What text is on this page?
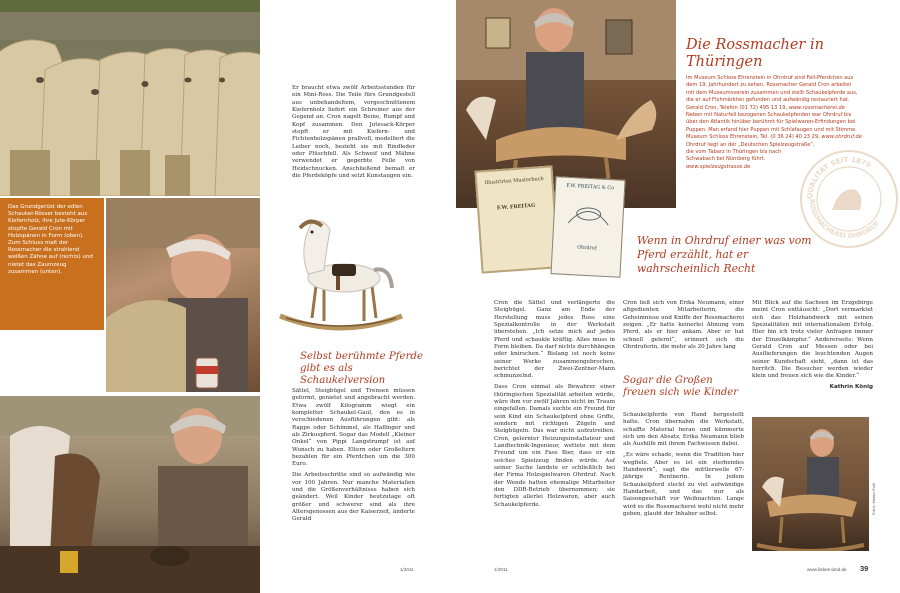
Das Grundgerüst der edlen Schaukel-Rösser besteht aus Kiefernholz, ihre Jute-Körper stopfte Gerald Cron mit Holzspänen in Form (oben). Zum Schluss malt der Rossmacher die strahlend weißen Zähne auf (rechts) und nietet das Zaumzeug zusammen (unten).

Er braucht etwa zwölf Arbeitsstunden für ein Mini-Ross. Die Teile fürs Grundgestell aus unbehandeltem, vorgeschnittenem Kiefernholz liefert ein Schreiner aus der Gegend an. Cron nagelt Beine, Rumpf und Kopf zusammen. Den Jutesack-Körper stopft er mit Kiefern- und Fichtenholzspänen prallvoll, modelliert die Leiber noch, bezieht sie mit Rindleder oder Plüschfell. Als Schweif und Mähne verwendet er gegerbte Felle von Heidschnucken. Anschließend bemalt er die Pferdeköpfe und setzt Kunstaugen ein.

Selbst berühmte Pferde gibt es als Schaukelversion

Sättel, Steigbügel und Trensen müssen geformt, genietet und angebracht werden. Etwa zwölf Kilogramm wiegt ein kompletter Schaukel-Gaul, den es in verschiedenen Ausführungen gibt: als Rappe oder Schimmel, als Haflinger und als Zirkuspferd. Sogar das Modell „Kleiner Onkel“ von Pippi Langstrumpf ist auf Wunsch zu haben. Eltern oder Großeltern bezahlen für ein Pferdchen um die 300 Euro.

Die Arbeitsschritte sind so aufwändig wie vor 100 Jahren. Nur manche Materialien und die Größenverhältnisse haben sich geändert. Weil Kinder heutzutage oft größer und schwerer sind als ihre Altersgenossen aus der Kaiserzeit, änderte Gerald

1/2011
Illustrirtes Musterbuch
F.W. FREITAG
F.W. FREITAG & Co
Ohrdruf
Die Rossmacher in Thüringen
Im Museum Schloss Ehrenstein in Ohrdruf sind Fell-Pferdchen aus
dem 19. Jahrhundert zu sehen. Rossmacher Gerald Cron arbeitet
mit dem Museumsverein zusammen und stellt Schaukelpferde aus,
die er auf Flohmärkten gefunden und aufwändig restauriert hat.
Gerald Cron, Telefon (01 72) 495 13 19, www.rossmacherei.de
Neben mit Naturfell bezogenen Schaukelpferden war Ohrdruf bis
über den Atlantik hinüber berühmt für Spielwaren-Erfindungen bei
Puppen. Man erfand hier Puppen mit Schlafaugen und mit Stimme.
Museum Schloss Ehrenstein, Tel. (0 36 24) 40 23 29, www.ohrdruf.de
Ohrdruf liegt an der „Deutschen Spielzeugstraße“,
die vom Tabarz in Thüringen bis nach
Schwabach bei Nürnberg führt.
www.spielzeugstrasse.de
QUALITÄT SEIT 1879
ROSSMACHEREI OHRDRUF
Wenn in Ohrdruf einer was vom Pferd erzählt, hat er wahrscheinlich Recht

Cron die Sättel und verlängerte die Steigbügel. Ganz am Ende der Herstellung muss jedes Ross eine Spezialkontrolle in der Werkstatt überstehen. „Ich setze mich auf jedes Pferd und schaukle kräftig. Alles muss in Form bleiben. Da darf nichts durchhängen oder knirschen.“ Bislang ist noch keins seiner Werke zusammengebrochen, berichtet der Zwei-Zentner-Mann schmunzelnd.

Dass Cron einmal als Bewahrer einer thüringischen Spezialität arbeiten würde, wäre ihm vor zwölf Jahren nicht im Traum eingefallen. Damals suchte ein Freund für sein Kind ein Schaukelpferd ohne Griffe, sondern mit richtigen Zügeln und Steigbügeln. Das war nicht aufzutreiben. Cron, gelernter Heizungsinstallateur und Landtechnik-Ingenieur, wettete mit dem Freund um ein Fass Bier, dass er ein solches Spielzeug finden würde. Auf seiner Suche landete er schließlich bei der Firma Holzspielwaren Ohrdruf. Nach der Wende hatten ehemalige Mitarbeiter den DDR-Betrieb übernommen; sie fertigten allerlei Holzwaren, aber auch Schaukelpferde.

Cron ließ sich von Erika Neumann, einer altgedienten Mitarbeiterin, die Geheimnisse und Kniffe der Rossmacherei zeigen. „Er hatte keinerlei Ahnung vom Pferd, als er hier ankam. Aber er hat schnell gelernt“, erinnert sich die Ohrdruferin, die mehr als 20 Jahre lang

Sogar die Großen freuen sich wie Kinder

Schaukelpferde von Hand hergestellt hatte. Cron übernahm die Werkstatt, schaffte Material heran und kümmerte sich um den Absatz, Erika Neumann blieb als Aushilfe mit ihrem Fachwissen dabei.

„Es wäre schade, wenn die Tradition hier wegfiele. Aber es ist ein sterbendes Handwerk“, sagt die mittlerweile 67-jährige Rentnerin. In jedem Schaukelpferd steckt zu viel aufwändige Handarbeit, und das nur als Saisongeschäft vor Weihnachten. Lange wird es die Rossmacherei wohl nicht mehr geben, glaubt der Inhaber selbst.

Mit Blick auf die Sachsen im Erzgebirge meint Cron enttäuscht: „Dort vermarktet sich das Holzhandwerk mit seinen Spezialitäten mit internationalem Erfolg. Hier bin ich trotz vieler Anfragen immer der Einzelkämpfer.“ Andererseits: Wenn Gerald Cron auf Messen oder bei Ausflieferungen die leuchtenden Augen seiner Kundschaft sieht, „dann ist das herrlich. Die Besucher werden wieder klein und freuen sich wie die Kinder.“

Kathrin König

Fotos: Marius Roth
1/2011	www.liebes-land.de 39
